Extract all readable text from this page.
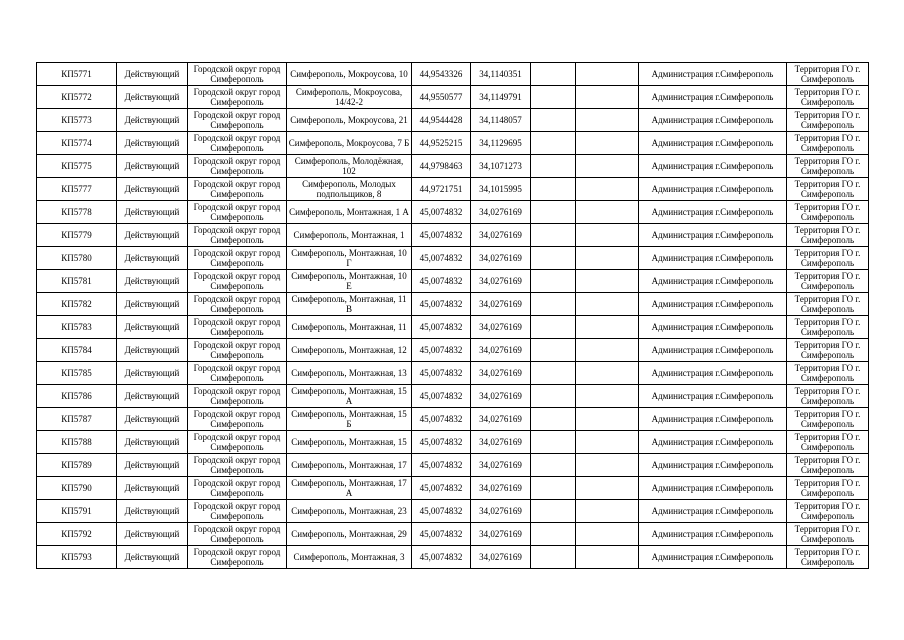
КП5771	Действующий	Городской округ город Симферополь	Симферополь, Мокроусова, 10	44,9543326	34,1140351			Администрация г.Симферополь	Территория ГО г. Симферополь
КП5772	Действующий	Городской округ город Симферополь	Симферополь, Мокроусова, 14/42-2	44,9550577	34,1149791			Администрация г.Симферополь	Территория ГО г. Симферополь
КП5773	Действующий	Городской округ город Симферополь	Симферополь, Мокроусова, 21	44,9544428	34,1148057			Администрация г.Симферополь	Территория ГО г. Симферополь
КП5774	Действующий	Городской округ город Симферополь	Симферополь, Мокроусова, 7 Б	44,9525215	34,1129695			Администрация г.Симферополь	Территория ГО г. Симферополь
КП5775	Действующий	Городской округ город Симферополь	Симферополь, Молодёжная, 102	44,9798463	34,1071273			Администрация г.Симферополь	Территория ГО г. Симферополь
КП5777	Действующий	Городской округ город Симферополь	Симферополь, Молодых подпольщиков, 8	44,9721751	34,1015995			Администрация г.Симферополь	Территория ГО г. Симферополь
КП5778	Действующий	Городской округ город Симферополь	Симферополь, Монтажная, 1 А	45,0074832	34,0276169			Администрация г.Симферополь	Территория ГО г. Симферополь
КП5779	Действующий	Городской округ город Симферополь	Симферополь, Монтажная, 1	45,0074832	34,0276169			Администрация г.Симферополь	Территория ГО г. Симферополь
КП5780	Действующий	Городской округ город Симферополь	Симферополь, Монтажная, 10 Г	45,0074832	34,0276169			Администрация г.Симферополь	Территория ГО г. Симферополь
КП5781	Действующий	Городской округ город Симферополь	Симферополь, Монтажная, 10 Е	45,0074832	34,0276169			Администрация г.Симферополь	Территория ГО г. Симферополь
КП5782	Действующий	Городской округ город Симферополь	Симферополь, Монтажная, 11 В	45,0074832	34,0276169			Администрация г.Симферополь	Территория ГО г. Симферополь
КП5783	Действующий	Городской округ город Симферополь	Симферополь, Монтажная, 11	45,0074832	34,0276169			Администрация г.Симферополь	Территория ГО г. Симферополь
КП5784	Действующий	Городской округ город Симферополь	Симферополь, Монтажная, 12	45,0074832	34,0276169			Администрация г.Симферополь	Территория ГО г. Симферополь
КП5785	Действующий	Городской округ город Симферополь	Симферополь, Монтажная, 13	45,0074832	34,0276169			Администрация г.Симферополь	Территория ГО г. Симферополь
КП5786	Действующий	Городской округ город Симферополь	Симферополь, Монтажная, 15 А	45,0074832	34,0276169			Администрация г.Симферополь	Территория ГО г. Симферополь
КП5787	Действующий	Городской округ город Симферополь	Симферополь, Монтажная, 15 Б	45,0074832	34,0276169			Администрация г.Симферополь	Территория ГО г. Симферополь
КП5788	Действующий	Городской округ город Симферополь	Симферополь, Монтажная, 15	45,0074832	34,0276169			Администрация г.Симферополь	Территория ГО г. Симферополь
КП5789	Действующий	Городской округ город Симферополь	Симферополь, Монтажная, 17	45,0074832	34,0276169			Администрация г.Симферополь	Территория ГО г. Симферополь
КП5790	Действующий	Городской округ город Симферополь	Симферополь, Монтажная, 17 А	45,0074832	34,0276169			Администрация г.Симферополь	Территория ГО г. Симферополь
КП5791	Действующий	Городской округ город Симферополь	Симферополь, Монтажная, 23	45,0074832	34,0276169			Администрация г.Симферополь	Территория ГО г. Симферополь
КП5792	Действующий	Городской округ город Симферополь	Симферополь, Монтажная, 29	45,0074832	34,0276169			Администрация г.Симферополь	Территория ГО г. Симферополь
КП5793	Действующий	Городской округ город Симферополь	Симферополь, Монтажная, 3	45,0074832	34,0276169			Администрация г.Симферополь	Территория ГО г. Симферополь
